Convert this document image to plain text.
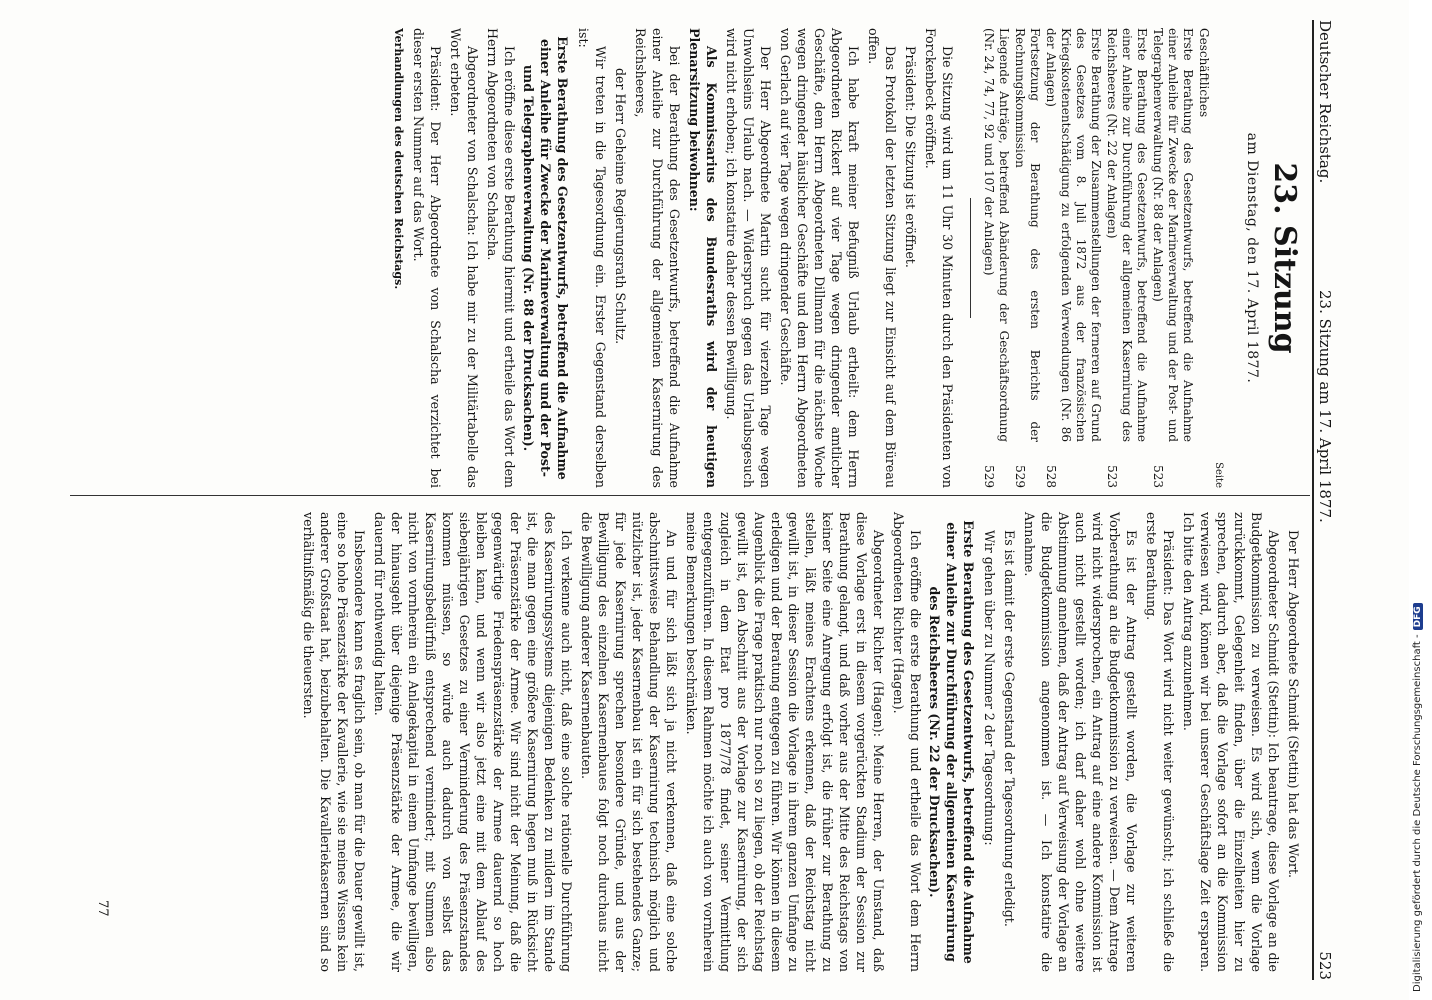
Deutscher Reichstag.
23. Sitzung am 17. April 1877.
523
23. Sitzung
am Dienstag, den 17. April 1877.
Seite
Geschäftliches
Erste Berathung des Gesetzentwurfs, betreffend die Aufnahme einer Anleihe für Zwecke der Marineverwaltung und der Post- und Telegraphenverwaltung (Nr. 88 der Anlagen)
523
Erste Berathung des Gesetzentwurfs, betreffend die Aufnahme einer Anleihe zur Durchführung der allgemeinen Kasernirung des Reichsheeres (Nr. 22 der Anlagen)
523
Erste Berathung der Zusammenstellungen der ferneren auf Grund des Gesetzes vom 8. Juli 1872 aus der französischen Kriegskostenentschädigung zu erfolgenden Verwendungen (Nr. 86 der Anlagen)
528
Fortsetzung der Berathung des ersten Berichts der Rechnungskommission
529
Liegende Anträge, betreffend Abänderung der Geschäftsordnung (Nr. 24, 74, 77, 92 und 107 der Anlagen)
529

Die Sitzung wird um 11 Uhr 30 Minuten durch den Präsidenten von Forckenbeck eröffnet.

Präsident: Die Sitzung ist eröffnet.

Das Protokoll der letzten Sitzung liegt zur Einsicht auf dem Büreau offen.

Ich habe kraft meiner Befugniß Urlaub ertheilt: dem Herrn Abgeordneten Rickert auf vier Tage wegen dringender amtlicher Geschäfte, dem Herrn Abgeordneten Dillmann für die nächste Woche wegen dringender häuslicher Geschäfte und dem Herrn Abgeordneten von Gerlach auf vier Tage wegen dringender Geschäfte.

Der Herr Abgeordnete Martin sucht für vierzehn Tage wegen Unwohlseins Urlaub nach. — Widerspruch gegen das Urlaubsgesuch wird nicht erhoben; ich konstatire daher dessen Bewilligung.

Als Kommissarius des Bundesraths wird der heutigen Plenarsitzung beiwohnen:

bei der Berathung des Gesetzentwurfs, betreffend die Aufnahme einer Anleihe zur Durchführung der allgemeinen Kasernirung des Reichsheeres,

der Herr Geheime Regierungsrath Schultz.

Wir treten in die Tagesordnung ein. Erster Gegenstand derselben ist:

Erste Berathung des Gesetzentwurfs, betreffend die Aufnahme einer Anleihe für Zwecke der Marineverwaltung und der Post- und Telegraphenverwaltung (Nr. 88 der Drucksachen).

Ich eröffne diese erste Berathung hiermit und ertheile das Wort dem Herrn Abgeordneten von Schalscha.

Abgeordneter von Schalscha: Ich habe mir zu der Militärtabelle das Wort erbeten.

Präsident: Der Herr Abgeordnete von Schalscha verzichtet bei dieser ersten Nummer auf das Wort.

Verhandlungen des deutschen Reichstags.

Der Herr Abgeordnete Schmidt (Stettin) hat das Wort.

Abgeordneter Schmidt (Stettin): Ich beantrage, diese Vorlage an die Budgetkommission zu verweisen. Es wird sich, wenn die Vorlage zurückkommt, Gelegenheit finden, über die Einzelheiten hier zu sprechen, dadurch aber, daß die Vorlage sofort an die Kommission verwiesen wird, können wir bei unserer Geschäftslage Zeit ersparen. Ich bitte den Antrag anzunehmen.

Präsident: Das Wort wird nicht weiter gewünscht; ich schließe die erste Berathung.

Es ist der Antrag gestellt worden, die Vorlage zur weiteren Vorberathung an die Budgetkommission zu verweisen. — Dem Antrage wird nicht widersprochen, ein Antrag auf eine andere Kommission ist auch nicht gestellt worden; ich darf daher wohl ohne weitere Abstimmung annehmen, daß der Antrag auf Verweisung der Vorlage an die Budgetkommission angenommen ist. — Ich konstatire die Annahme.

Es ist damit der erste Gegenstand der Tagesordnung erledigt.

Wir gehen über zu Nummer 2 der Tagesordnung:

Erste Berathung des Gesetzentwurfs, betreffend die Aufnahme einer Anleihe zur Durchführung der allgemeinen Kasernirung des Reichsheeres (Nr. 22 der Drucksachen).

Ich eröffne die erste Berathung und ertheile das Wort dem Herrn Abgeordneten Richter (Hagen).

Abgeordneter Richter (Hagen): Meine Herren, der Umstand, daß diese Vorlage erst in diesem vorgerückten Stadium der Session zur Berathung gelangt, und daß vorher aus der Mitte des Reichstags von keiner Seite eine Anregung erfolgt ist, die früher zur Berathung zu stellen, läßt meines Erachtens erkennen, daß der Reichstag nicht gewillt ist, in dieser Session die Vorlage in ihrem ganzen Umfange zu erledigen und der Beratung entgegen zu führen. Wir können in diesem Augenblick die Frage praktisch nur noch so zu liegen, ob der Reichstag gewillt ist, den Abschnitt aus der Vorlage zur Kasernirung, der sich zugleich in dem Etat pro 1877/78 findet, seiner Vermittlung entgegenzuführen. In diesem Rahmen möchte ich auch von vornherein meine Bemerkungen beschränken.

An und für sich läßt sich ja nicht verkennen, daß eine solche abschnittsweise Behandlung der Kasernirung technisch möglich und nützlicher ist, jeder Kasernenbau ist ein für sich bestehendes Ganze; für jede Kasernirung sprechen besondere Gründe, und aus der Bewilligung des einzelnen Kasernenbaues folgt noch durchaus nicht die Bewilligung anderer Kasernenbauten.

Ich verkenne auch nicht, daß eine solche rationelle Durchführung des Kasernirungssystems diejenigen Bedenken zu mildern im Stande ist, die man gegen eine größere Kasernirung hegen muß in Rücksicht der Präsenzstärke der Armee. Wir sind nicht der Meinung, daß die gegenwärtige Friedenspräsenzstärke der Armee dauernd so hoch bleiben kann, und wenn wir also jetzt eine mit dem Ablauf des siebenjährigen Gesetzes zu einer Verminderung des Präsenzstandes kommen müssen, so würde auch dadurch von selbst das Kasernirungsbedürfniß entsprechend vermindert; mit Summen also nicht von vornherein ein Anlagekapital in einem Umfange bewilligen, der hinausgeht über diejenige Präsenzstärke der Armee, die wir dauernd für nothwendig halten.

Insbesondere kann es fraglich sein, ob man für die Dauer gewillt ist, eine so hohe Präsenzstärke der Kavallerie, wie sie meines Wissens kein anderer Großstaat hat, beizubehalten. Die Kavalleriekasernen sind so verhältnißmäßig die theuersten.

77	Digitalisierung gefördert durch die Deutsche Forschungsgemeinschaft -DFG
